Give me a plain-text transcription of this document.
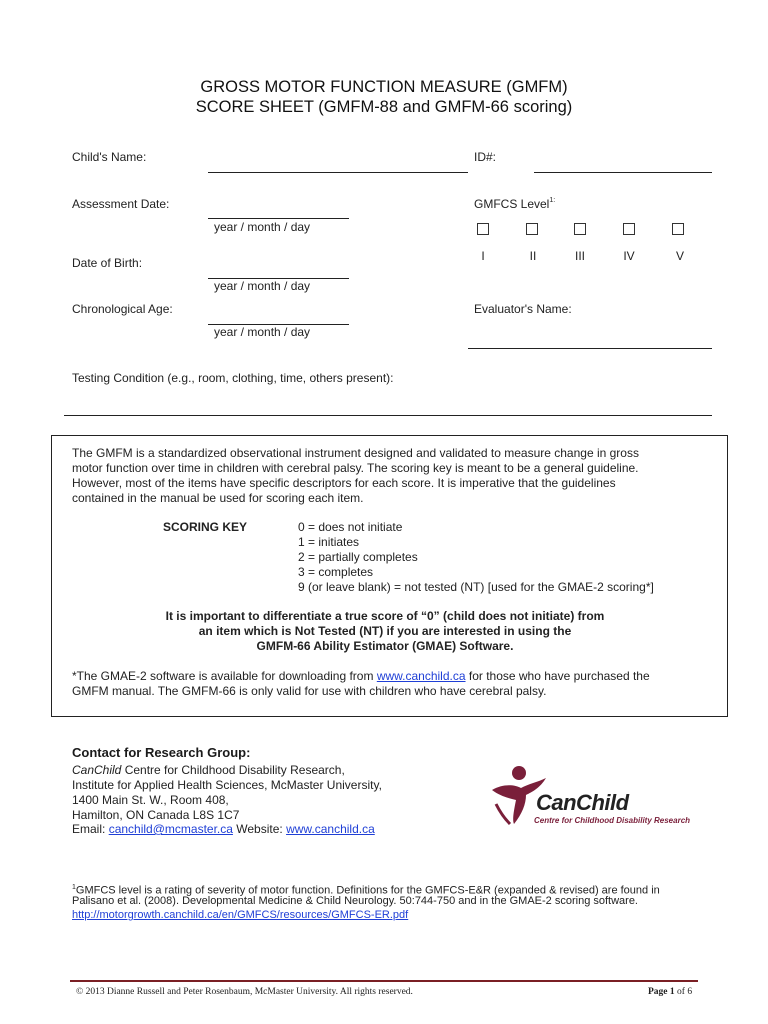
GROSS MOTOR FUNCTION MEASURE (GMFM)
SCORE SHEET (GMFM-88 and GMFM-66 scoring)
Child's Name:	ID#:
Assessment Date:
year / month / day
GMFCS Level$^{1:}$
I	II	III	IV	V
Date of Birth:
year / month / day
Chronological Age:
year / month / day
Evaluator's Name:
Testing Condition (e.g., room, clothing, time, others present):
The GMFM is a standardized observational instrument designed and validated to measure change in gross
motor function over time in children with cerebral palsy. The scoring key is meant to be a general guideline.
However, most of the items have specific descriptors for each score. It is imperative that the guidelines
contained in the manual be used for scoring each item.
SCORING KEY	0 = does not initiate
1 = initiates
2 = partially completes
3 = completes
9 (or leave blank) = not tested (NT) [used for the GMAE-2 scoring*]
It is important to differentiate a true score of “0” (child does not initiate) from
an item which is Not Tested (NT) if you are interested in using the
GMFM-66 Ability Estimator (GMAE) Software.
*The GMAE-2 software is available for downloading from www.canchild.ca for those who have purchased the
GMFM manual. The GMFM-66 is only valid for use with children who have cerebral palsy.
Contact for Research Group:
CanChild Centre for Childhood Disability Research,
Institute for Applied Health Sciences, McMaster University,
1400 Main St. W., Room 408,
Hamilton, ON Canada L8S 1C7
Email: canchild@mcmaster.ca Website: www.canchild.ca
CanChild
Centre for Childhood Disability Research
$^1$GMFCS level is a rating of severity of motor function. Definitions for the GMFCS-E&R (expanded & revised) are found in
Palisano et al. (2008). Developmental Medicine & Child Neurology. 50:744-750 and in the GMAE-2 scoring software.
http://motorgrowth.canchild.ca/en/GMFCS/resources/GMFCS-ER.pdf
© 2013 Dianne Russell and Peter Rosenbaum, McMaster University. All rights reserved.	Page 1 of 6
